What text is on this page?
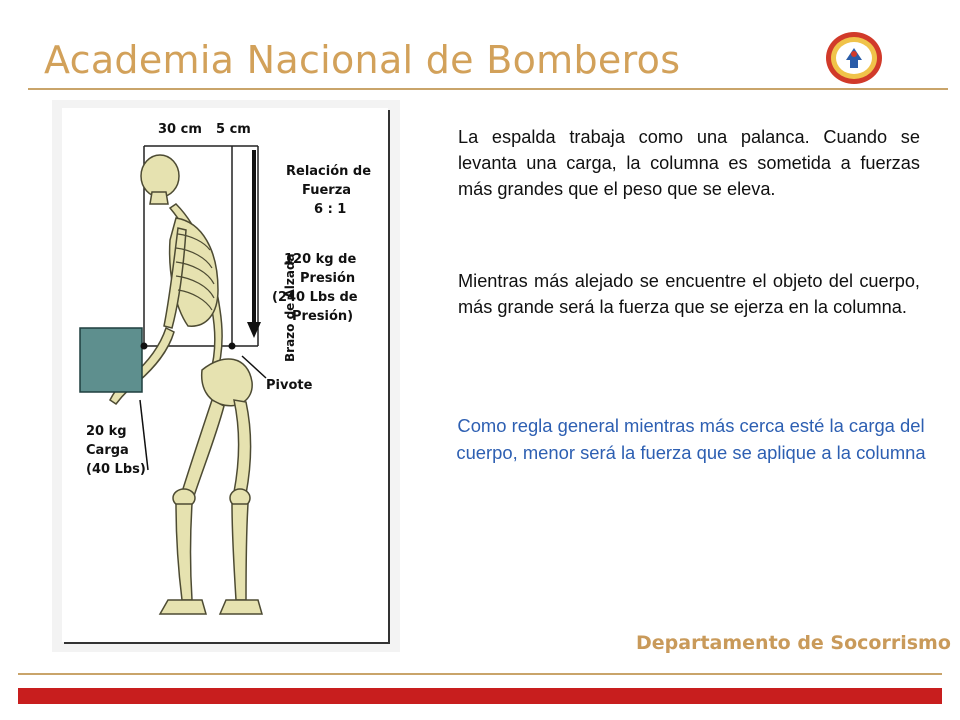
Academia Nacional de Bomberos
30 cm 5 cm
Relación de
Fuerza
6 : 1
Brazo de Alzada
120 kg de
Presión
(240 Lbs de
Presión)
Pivote
20 kg
Carga
(40 Lbs)
La espalda trabaja como una palanca. Cuando se levanta una carga, la columna es sometida a fuerzas más grandes que el peso que se eleva.
Mientras más alejado se encuentre el objeto del cuerpo, más grande será la fuerza que se ejerza en la columna.
Como regla general mientras más cerca esté la carga del cuerpo, menor será la fuerza que se aplique a la columna
Departamento de Socorrismo
